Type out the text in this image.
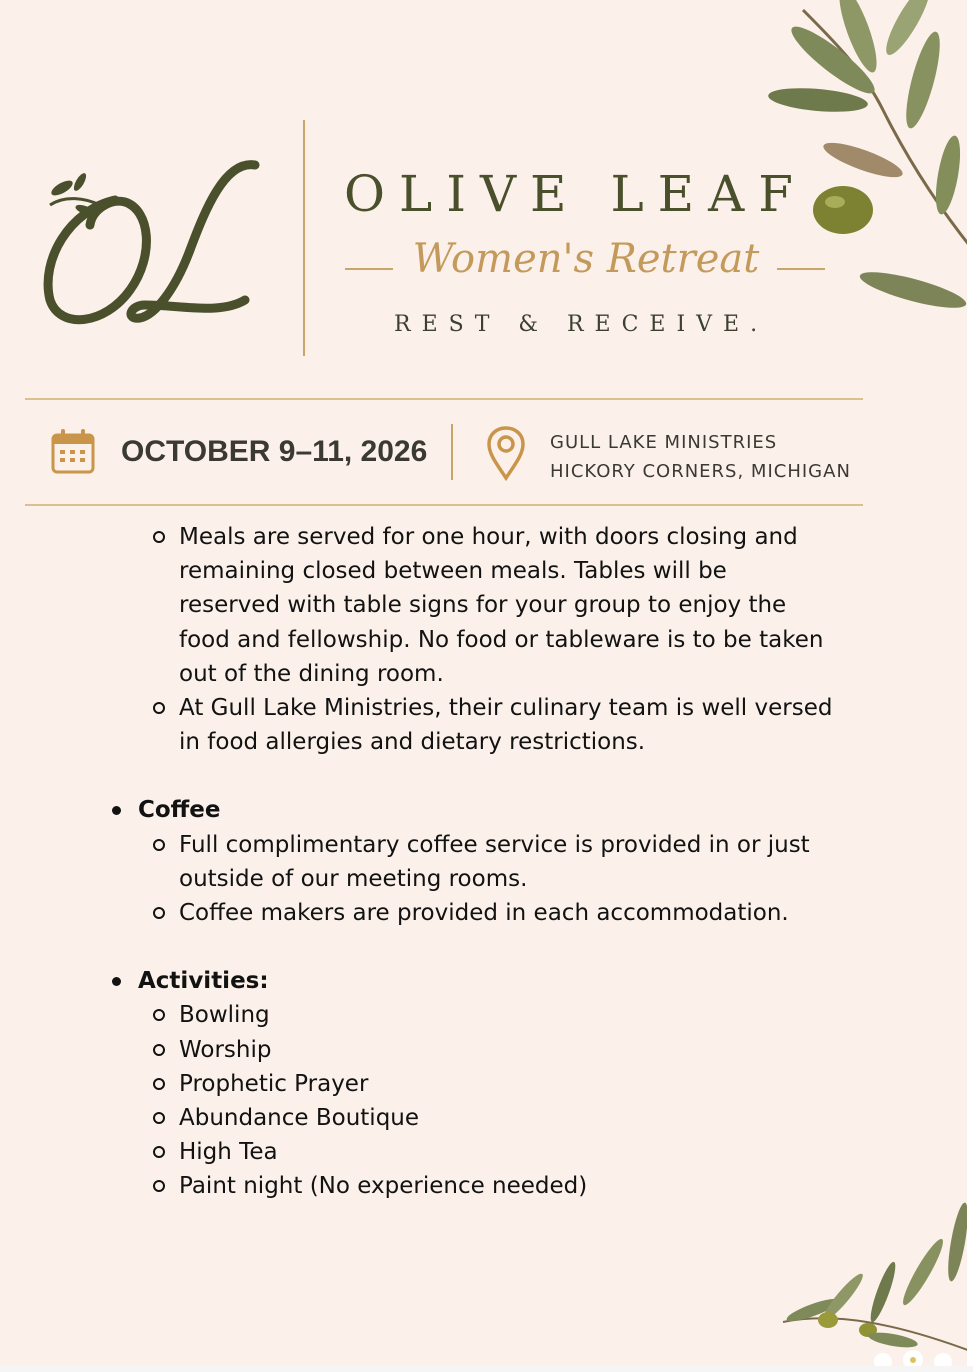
OLIVE LEAF
Women's Retreat
REST & RECEIVE.
OCTOBER 9–11, 2026	GULL LAKE MINISTRIES
HICKORY CORNERS, MICHIGAN
Meals are served for one hour, with doors closing and
remaining closed between meals. Tables will be
reserved with table signs for your group to enjoy the
food and fellowship. No food or tableware is to be taken
out of the dining room.
At Gull Lake Ministries, their culinary team is well versed
in food allergies and dietary restrictions.
Coffee
Full complimentary coffee service is provided in or just
outside of our meeting rooms.
Coffee makers are provided in each accommodation.
Activities:
Bowling
Worship
Prophetic Prayer
Abundance Boutique
High Tea
Paint night (No experience needed)
